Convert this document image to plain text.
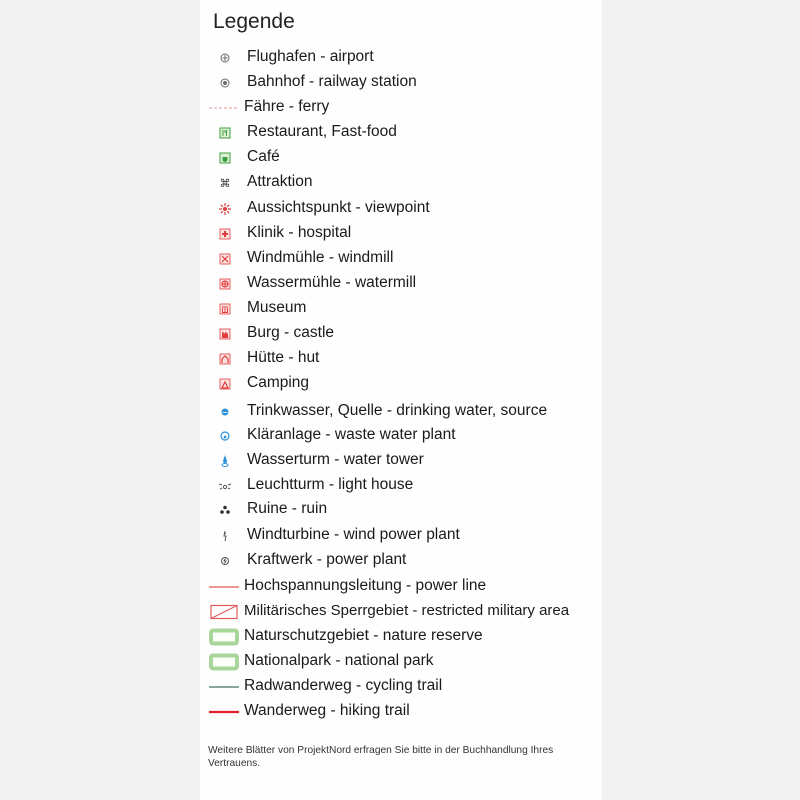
Legende
Flughafen - airport
Bahnhof - railway station
Fähre - ferry
Restaurant, Fast-food
Café
⌘ Attraktion
Aussichtspunkt - viewpoint
Klinik - hospital
Windmühle - windmill
Wassermühle - watermill
Museum
Burg - castle
Hütte - hut
Camping
Trinkwasser, Quelle - drinking water, source
Kläranlage - waste water plant
Wasserturm - water tower
Leuchtturm - light house
Ruine - ruin
Windturbine - wind power plant
Kraftwerk - power plant
Hochspannungsleitung - power line
Militärisches Sperrgebiet - restricted military area
Naturschutzgebiet - nature reserve
Nationalpark - national park
Radwanderweg - cycling trail
Wanderweg - hiking trail
Weitere Blätter von ProjektNord erfragen Sie bitte in der Buchhandlung Ihres Vertrauens.
